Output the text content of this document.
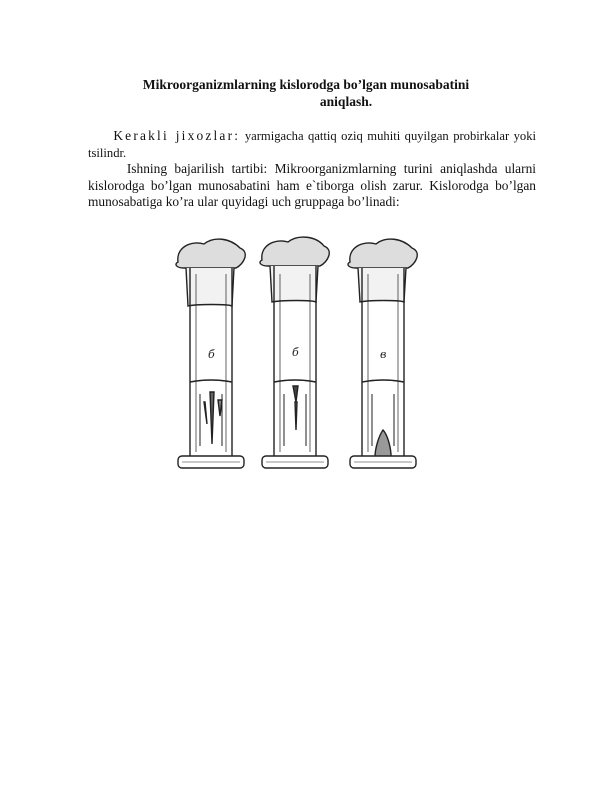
Mikroorganizmlarning kislorodga bo’lgan munosabatini
aniqlash.

Kerakli jixozlar: yarmigacha qattiq oziq muhiti quyilgan probirkalar yoki tsilindr.

Ishning bajarilish tartibi: Mikroorganizmlarning turini aniqlashda ularni kislorodga bo’lgan munosabatini ham e`tiborga olish zarur. Kislorodga bo’lgan munosabatiga ko’ra ular quyidagi uch gruppaga bo’linadi:

б	б	в
